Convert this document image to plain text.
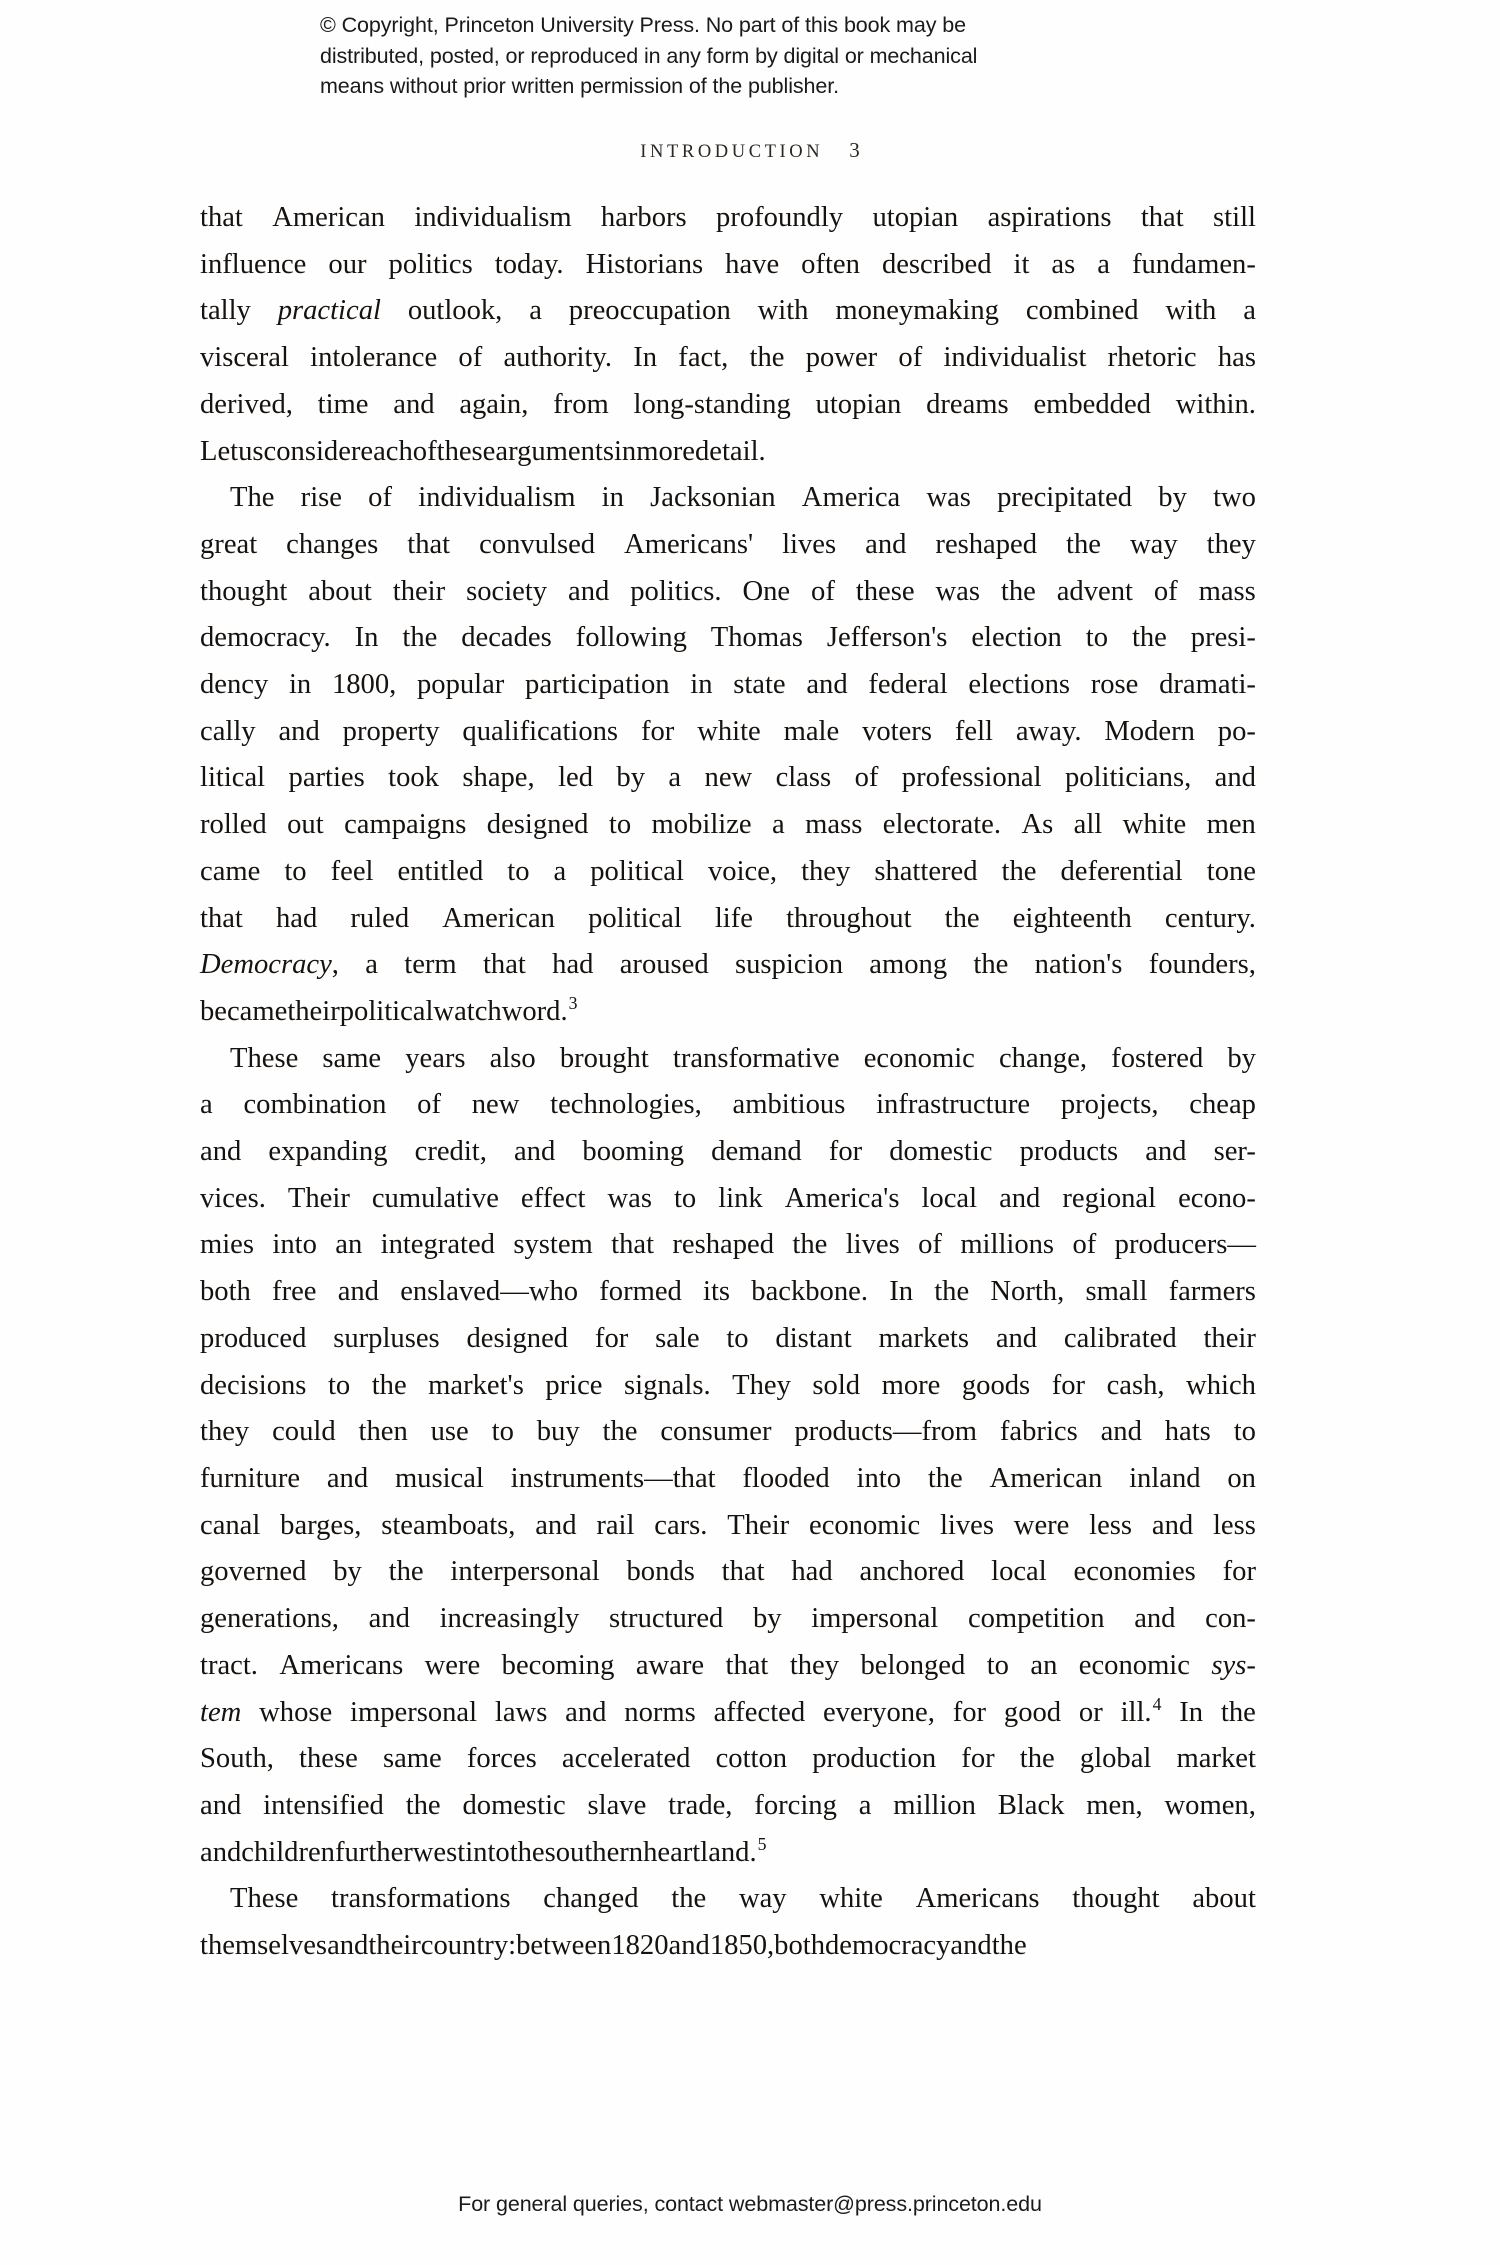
© Copyright, Princeton University Press. No part of this book may be
distributed, posted, or reproduced in any form by digital or mechanical
means without prior written permission of the publisher.
INTRODUCTION 3

that American individualism harbors profoundly utopian aspirations that still
influence our politics today. Historians have often described it as a fundamen-
tally practical outlook, a preoccupation with moneymaking combined with a
visceral intolerance of authority. In fact, the power of individualist rhetoric has
derived, time and again, from long-standing utopian dreams embedded within.
Let us consider each of these arguments in more detail.

The rise of individualism in Jacksonian America was precipitated by two
great changes that convulsed Americans' lives and reshaped the way they
thought about their society and politics. One of these was the advent of mass
democracy. In the decades following Thomas Jefferson's election to the presi-
dency in 1800, popular participation in state and federal elections rose dramati-
cally and property qualifications for white male voters fell away. Modern po-
litical parties took shape, led by a new class of professional politicians, and
rolled out campaigns designed to mobilize a mass electorate. As all white men
came to feel entitled to a political voice, they shattered the deferential tone
that had ruled American political life throughout the eighteenth century.
Democracy, a term that had aroused suspicion among the nation's founders,
became their political watchword.$^3$

These same years also brought transformative economic change, fostered by
a combination of new technologies, ambitious infrastructure projects, cheap
and expanding credit, and booming demand for domestic products and ser-
vices. Their cumulative effect was to link America's local and regional econo-
mies into an integrated system that reshaped the lives of millions of producers—
both free and enslaved—who formed its backbone. In the North, small farmers
produced surpluses designed for sale to distant markets and calibrated their
decisions to the market's price signals. They sold more goods for cash, which
they could then use to buy the consumer products—from fabrics and hats to
furniture and musical instruments—that flooded into the American inland on
canal barges, steamboats, and rail cars. Their economic lives were less and less
governed by the interpersonal bonds that had anchored local economies for
generations, and increasingly structured by impersonal competition and con-
tract. Americans were becoming aware that they belonged to an economic sys-
tem whose impersonal laws and norms affected everyone, for good or ill.$^4$ In the
South, these same forces accelerated cotton production for the global market
and intensified the domestic slave trade, forcing a million Black men, women,
and children further west into the southern heartland.$^5$

These transformations changed the way white Americans thought about
themselves and their country: between 1820 and 1850, both democracy and the

For general queries, contact webmaster@press.princeton.edu
